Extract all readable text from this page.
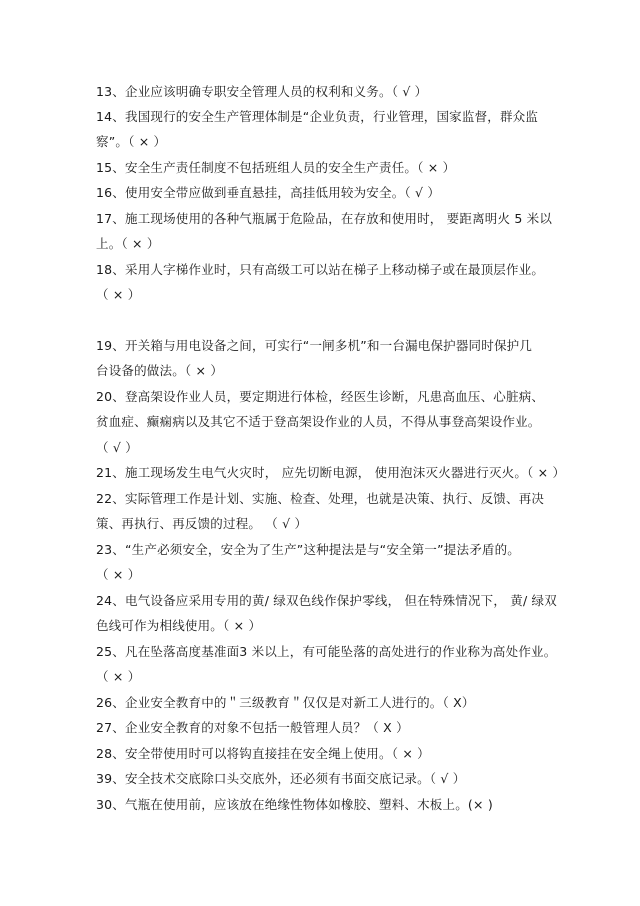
13、企业应该明确专职安全管理人员的权利和义务。（ √ ）
14、我国现行的安全生产管理体制是“企业负责，行业管理，国家监督，群众监
察”。（ × ）
15、安全生产责任制度不包括班组人员的安全生产责任。（ × ）
16、使用安全带应做到垂直悬挂，高挂低用较为安全。（ √ ）
17、施工现场使用的各种气瓶属于危险品，在存放和使用时， 要距离明火 5 米以
上。（ × ）
18、采用人字梯作业时，只有高级工可以站在梯子上移动梯子或在最顶层作业。
（ × ）
19、开关箱与用电设备之间，可实行“一闸多机”和一台漏电保护器同时保护几
台设备的做法。（ × ）
20、登高架设作业人员，要定期进行体检，经医生诊断，凡患高血压、心脏病、
贫血症、癫痫病以及其它不适于登高架设作业的人员，不得从事登高架设作业。
（ √ ）
21、施工现场发生电气火灾时， 应先切断电源， 使用泡沫灭火器进行灭火。（ × ）
22、实际管理工作是计划、实施、检查、处理，也就是决策、执行、反馈、再决
策、再执行、再反馈的过程。 （ √ ）
23、“生产必须安全，安全为了生产”这种提法是与“安全第一”提法矛盾的。
（ × ）
24、电气设备应采用专用的黄/ 绿双色线作保护零线， 但在特殊情况下， 黄/ 绿双
色线可作为相线使用。（ × ）
25、凡在坠落高度基准面3 米以上，有可能坠落的高处进行的作业称为高处作业。
（ × ）
26、企业安全教育中的＂三级教育＂仅仅是对新工人进行的。（ X）
27、企业安全教育的对象不包括一般管理人员？（ X ）
28、安全带使用时可以将钩直接挂在安全绳上使用。（ × ）
39、安全技术交底除口头交底外，还必须有书面交底记录。（ √ ）
30、气瓶在使用前，应该放在绝缘性物体如橡胶、塑料、木板上。(× )
